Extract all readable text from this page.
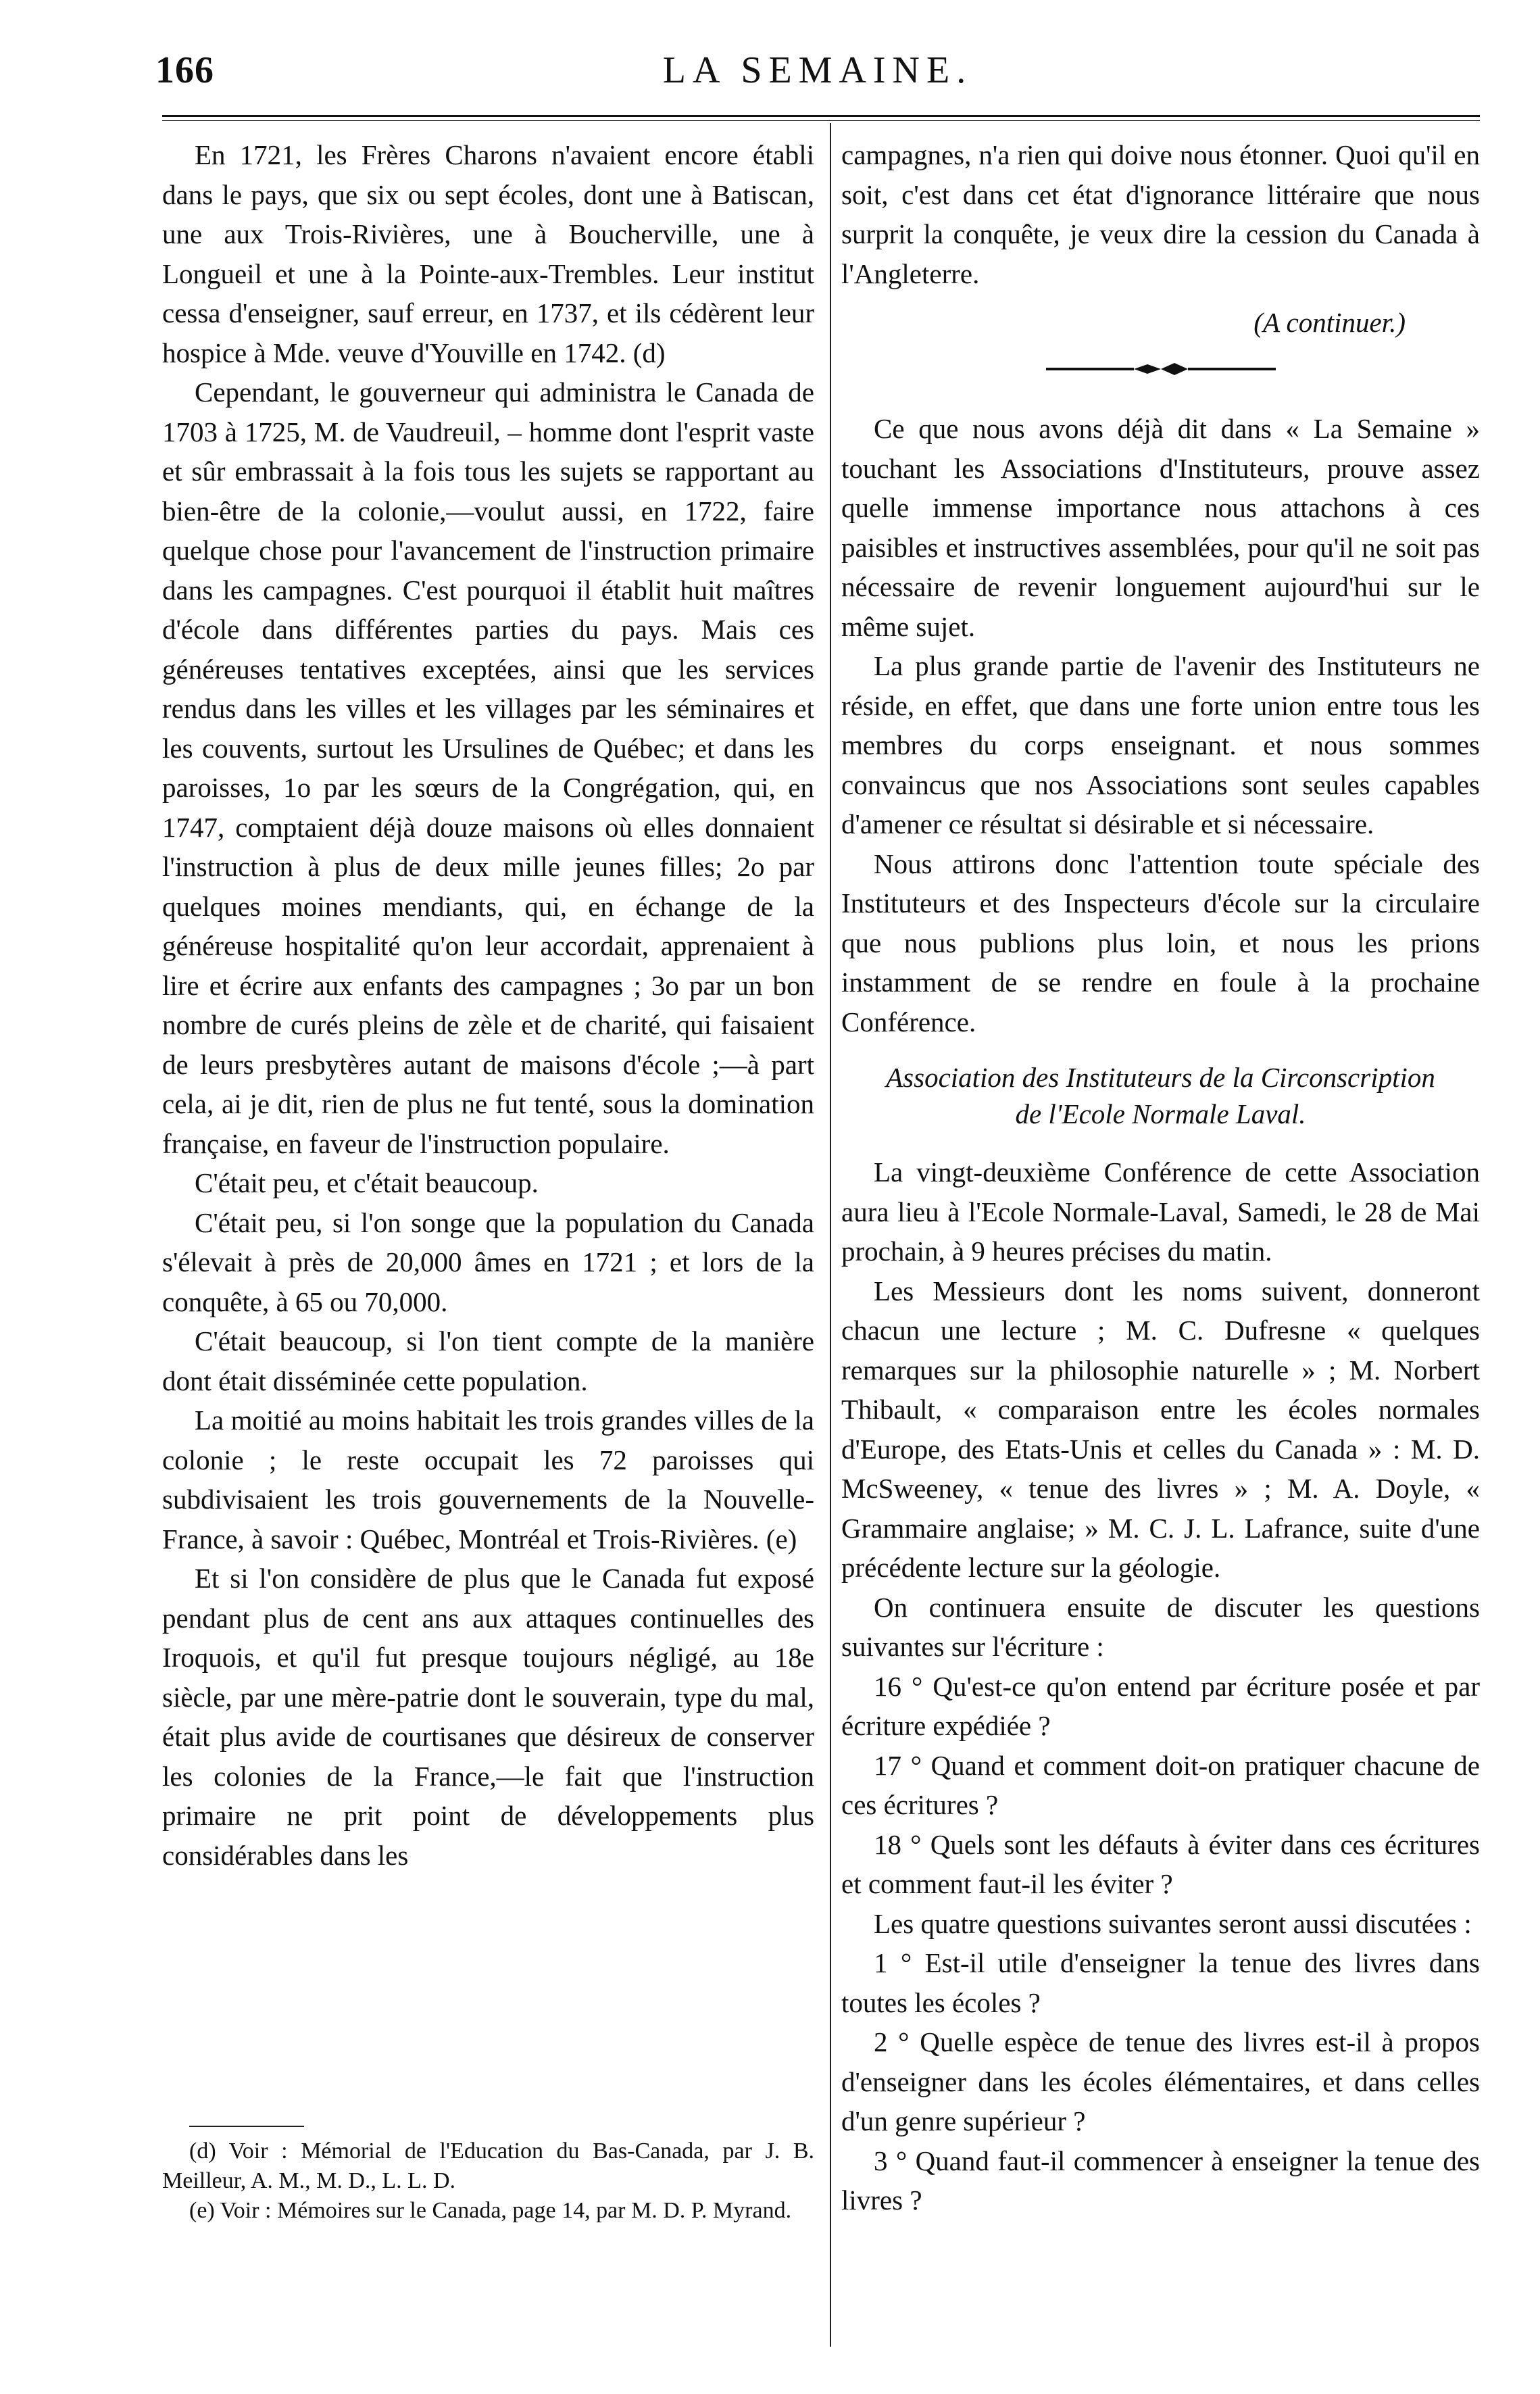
166	LA SEMAINE.

En 1721, les Frères Charons n'avaient encore établi dans le pays, que six ou sept écoles, dont une à Batiscan, une aux Trois-Rivières, une à Boucherville, une à Longueil et une à la Pointe-aux-Trembles. Leur institut cessa d'enseigner, sauf erreur, en 1737, et ils cédèrent leur hospice à Mde. veuve d'Youville en 1742. (d)

Cependant, le gouverneur qui administra le Canada de 1703 à 1725, M. de Vaudreuil, – homme dont l'esprit vaste et sûr embrassait à la fois tous les sujets se rapportant au bien-être de la colonie,—voulut aussi, en 1722, faire quelque chose pour l'avancement de l'instruction primaire dans les campagnes. C'est pourquoi il établit huit maîtres d'école dans différentes parties du pays. Mais ces généreuses tentatives exceptées, ainsi que les services rendus dans les villes et les villages par les séminaires et les couvents, surtout les Ursulines de Québec; et dans les paroisses, 1o par les sœurs de la Congrégation, qui, en 1747, comptaient déjà douze maisons où elles donnaient l'instruction à plus de deux mille jeunes filles; 2o par quelques moines mendiants, qui, en échange de la généreuse hospitalité qu'on leur accordait, apprenaient à lire et écrire aux enfants des campagnes ; 3o par un bon nombre de curés pleins de zèle et de charité, qui faisaient de leurs presbytères autant de maisons d'école ;—à part cela, ai je dit, rien de plus ne fut tenté, sous la domination française, en faveur de l'instruction populaire.

C'était peu, et c'était beaucoup.

C'était peu, si l'on songe que la population du Canada s'élevait à près de 20,000 âmes en 1721 ; et lors de la conquête, à 65 ou 70,000.

C'était beaucoup, si l'on tient compte de la manière dont était disséminée cette population.

La moitié au moins habitait les trois grandes villes de la colonie ; le reste occupait les 72 paroisses qui subdivisaient les trois gouvernements de la Nouvelle-France, à savoir : Québec, Montréal et Trois-Rivières. (e)

Et si l'on considère de plus que le Canada fut exposé pendant plus de cent ans aux attaques continuelles des Iroquois, et qu'il fut presque toujours négligé, au 18e siècle, par une mère-patrie dont le souverain, type du mal, était plus avide de courtisanes que désireux de conserver les colonies de la France,—le fait que l'instruction primaire ne prit point de développements plus considérables dans les

(d) Voir : Mémorial de l'Education du Bas-Canada, par J. B. Meilleur, A. M., M. D., L. L. D.

(e) Voir : Mémoires sur le Canada, page 14, par M. D. P. Myrand.

campagnes, n'a rien qui doive nous étonner. Quoi qu'il en soit, c'est dans cet état d'ignorance littéraire que nous surprit la conquête, je veux dire la cession du Canada à l'Angleterre.

(A continuer.)

Ce que nous avons déjà dit dans « La Semaine » touchant les Associations d'Instituteurs, prouve assez quelle immense importance nous attachons à ces paisibles et instructives assemblées, pour qu'il ne soit pas nécessaire de revenir longuement aujourd'hui sur le même sujet.

La plus grande partie de l'avenir des Instituteurs ne réside, en effet, que dans une forte union entre tous les membres du corps enseignant. et nous sommes convaincus que nos Associations sont seules capables d'amener ce résultat si désirable et si nécessaire.

Nous attirons donc l'attention toute spéciale des Instituteurs et des Inspecteurs d'école sur la circulaire que nous publions plus loin, et nous les prions instamment de se rendre en foule à la prochaine Conférence.

Association des Instituteurs de la Circonscription
de l'Ecole Normale Laval.

La vingt-deuxième Conférence de cette Association aura lieu à l'Ecole Normale-Laval, Samedi, le 28 de Mai prochain, à 9 heures précises du matin.

Les Messieurs dont les noms suivent, donneront chacun une lecture ; M. C. Dufresne « quelques remarques sur la philosophie naturelle » ; M. Norbert Thibault, « comparaison entre les écoles normales d'Europe, des Etats-Unis et celles du Canada » : M. D. McSweeney, « tenue des livres » ; M. A. Doyle, « Grammaire anglaise; » M. C. J. L. Lafrance, suite d'une précédente lecture sur la géologie.

On continuera ensuite de discuter les questions suivantes sur l'écriture :

16 ° Qu'est-ce qu'on entend par écriture posée et par écriture expédiée ?

17 ° Quand et comment doit-on pratiquer chacune de ces écritures ?

18 ° Quels sont les défauts à éviter dans ces écritures et comment faut-il les éviter ?

Les quatre questions suivantes seront aussi discutées :

1 ° Est-il utile d'enseigner la tenue des livres dans toutes les écoles ?

2 ° Quelle espèce de tenue des livres est-il à propos d'enseigner dans les écoles élémentaires, et dans celles d'un genre supérieur ?

3 ° Quand faut-il commencer à enseigner la tenue des livres ?
